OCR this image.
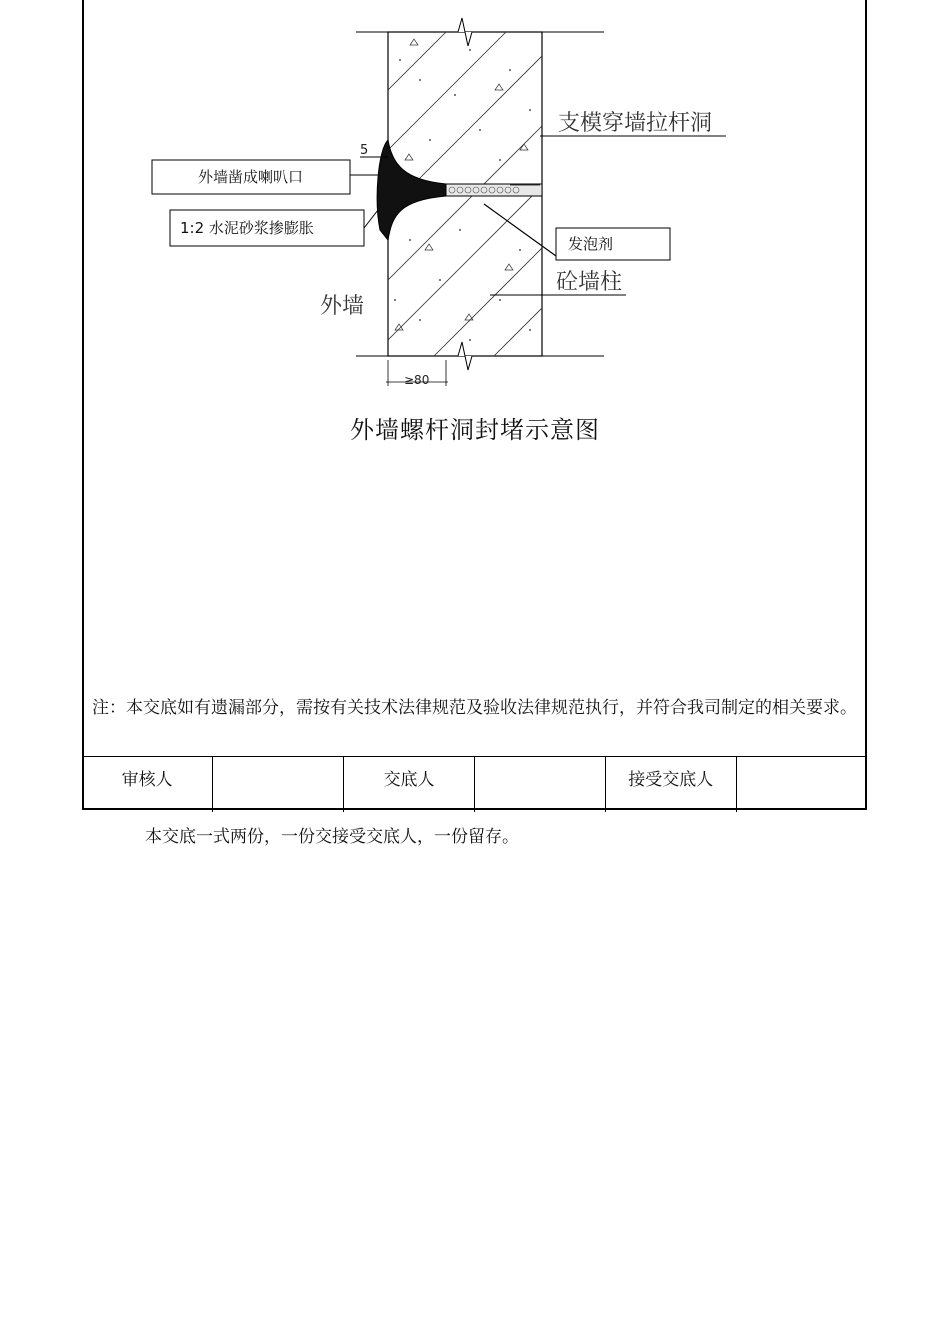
5
≥80
支模穿墙拉杆洞
外墙凿成喇叭口
1:2 水泥砂浆掺膨胀
发泡剂
砼墙柱
外墙
外墙螺杆洞封堵示意图
注：本交底如有遗漏部分，需按有关技术法律规范及验收法律规范执行，并符合我司制定的相关要求。
审核人		交底人		接受交底人	
本交底一式两份，一份交接受交底人，一份留存。
